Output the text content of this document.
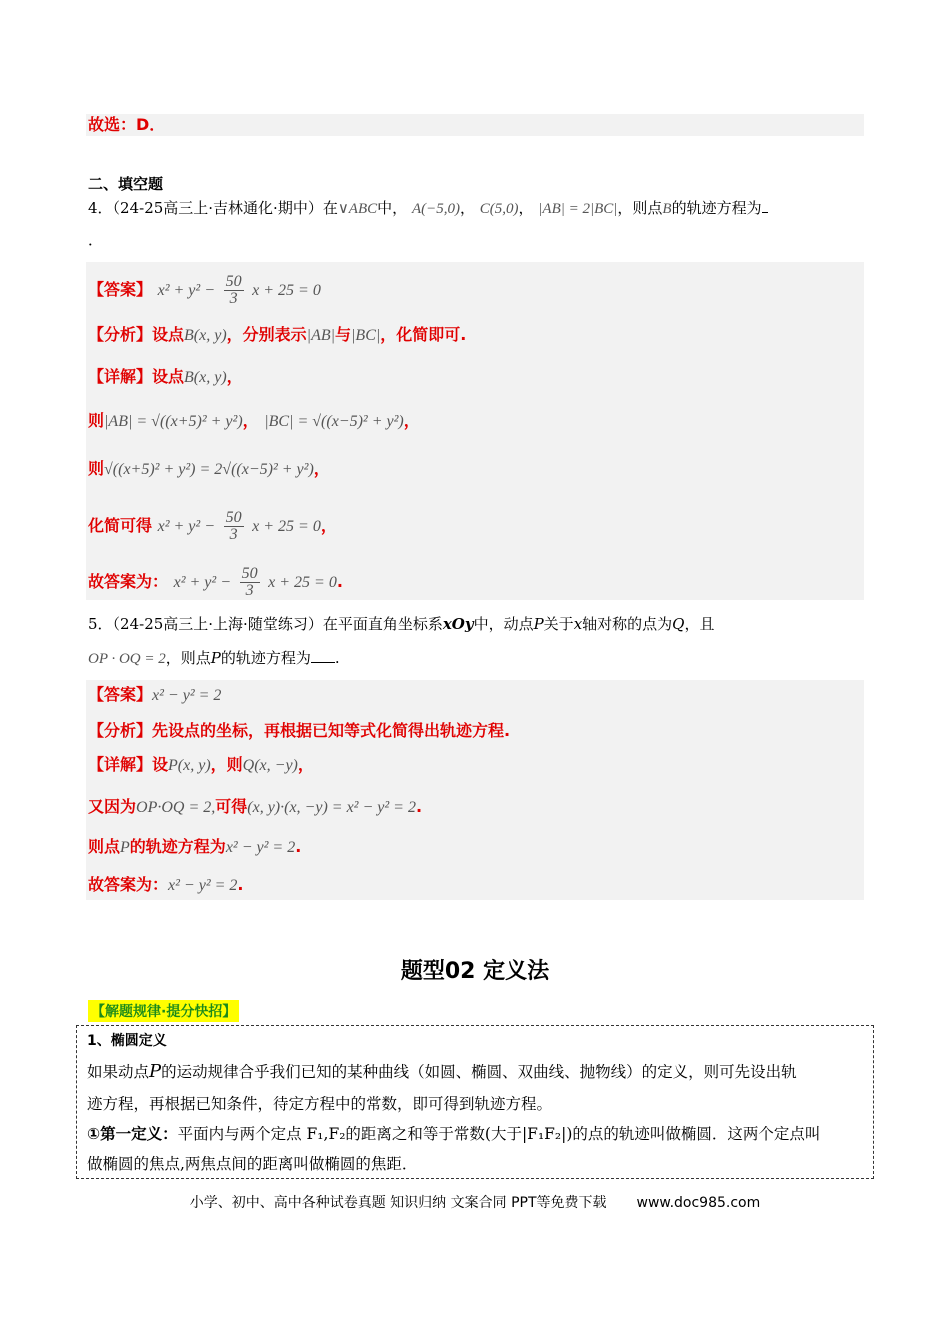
故选：D．
二、填空题
4．（24-25高三上·吉林通化·期中）在∨ABC中， A(−5,0)， C(5,0)， |AB| = 2|BC|，则点B的轨迹方程为
．
【答案】 $x^2 + y^2 - \frac{50}{3}$ x + 25 = 0
【分析】设点B(x, y)，分别表示|AB|与|BC|，化简即可.
【详解】设点B(x, y)，
则|AB| = √((x+5)² + y²)， |BC| = √((x−5)² + y²)，
则√((x+5)² + y²) = 2√((x−5)² + y²)，
化简可得 $x^2 + y^2 - \frac{50}{3}$ x + 25 = 0，
故答案为： $x^2 + y^2 - \frac{50}{3}$ x + 25 = 0.
5．（24-25高三上·上海·随堂练习）在平面直角坐标系xOy中，动点P关于x轴对称的点为Q，且
OP · OQ = 2，则点P的轨迹方程为 .
【答案】x² − y² = 2
【分析】先设点的坐标，再根据已知等式化简得出轨迹方程.
【详解】设P(x, y)，则Q(x, −y)，
又因为OP·OQ = 2,可得(x, y)·(x, −y) = x² − y² = 2.
则点P的轨迹方程为x² − y² = 2.
故答案为：x² − y² = 2.
题型02 定义法
【解题规律·提分快招】
1、椭圆定义
如果动点P的运动规律合乎我们已知的某种曲线（如圆、椭圆、双曲线、抛物线）的定义，则可先设出轨
迹方程，再根据已知条件，待定方程中的常数，即可得到轨迹方程。
①第一定义：平面内与两个定点 F₁,F₂的距离之和等于常数(大于|F₁F₂|)的点的轨迹叫做椭圆．这两个定点叫
做椭圆的焦点,两焦点间的距离叫做椭圆的焦距．
小学、初中、高中各种试卷真题 知识归纳 文案合同 PPT等免费下载 www.doc985.com
